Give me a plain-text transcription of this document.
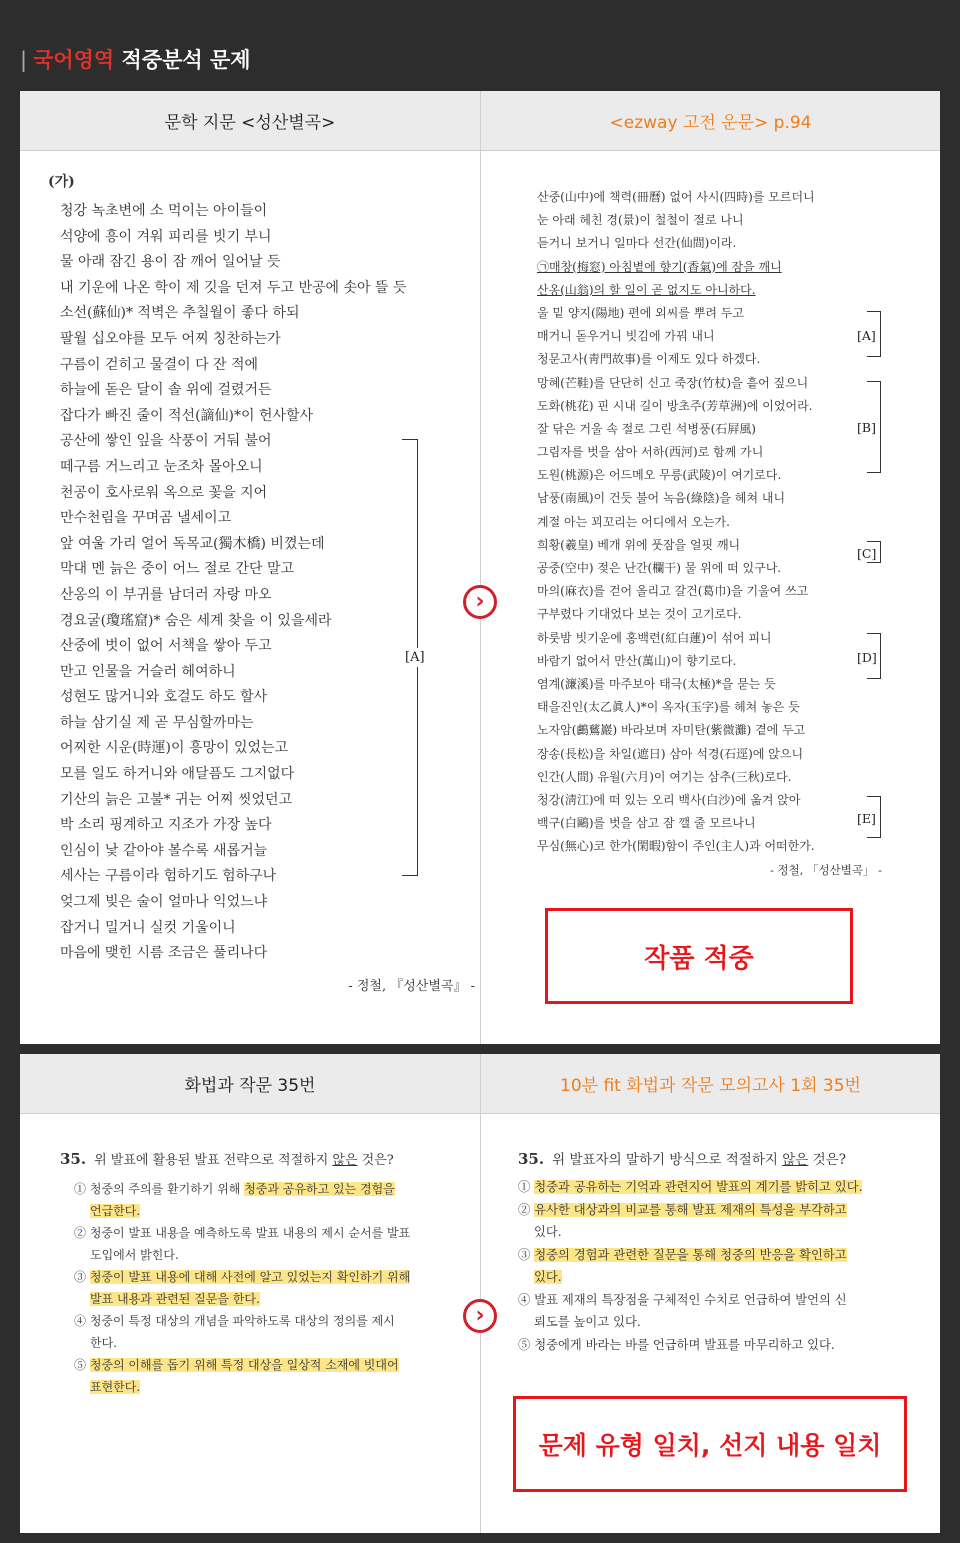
| 국어영역 적중분석 문제
문학 지문 <성산별곡>	<ezway 고전 운문> p.94
(가)
청강 녹초변에 소 먹이는 아이들이
석양에 흥이 겨워 피리를 빗기 부니
물 아래 잠긴 용이 잠 깨어 일어날 듯
내 기운에 나온 학이 제 깃을 던져 두고 반공에 솟아 뜰 듯
소선(蘇仙)* 적벽은 추칠월이 좋다 하되
팔월 십오야를 모두 어찌 칭찬하는가
구름이 걷히고 물결이 다 잔 적에
하늘에 돋은 달이 솔 위에 걸렸거든
잡다가 빠진 줄이 적선(謫仙)*이 헌사할사
공산에 쌓인 잎을 삭풍이 거둬 불어
떼구름 거느리고 눈조차 몰아오니
천공이 호사로워 옥으로 꽃을 지어
만수천림을 꾸며곰 낼세이고
앞 여울 가리 얼어 독목교(獨木橋) 비꼈는데
막대 멘 늙은 중이 어느 절로 간단 말고
산옹의 이 부귀를 남더러 자랑 마오
경요굴(瓊瑤窟)* 숨은 세계 찾을 이 있을세라
산중에 벗이 없어 서책을 쌓아 두고
만고 인물을 거슬러 헤여하니
성현도 많거니와 호걸도 하도 할사
하늘 삼기실 제 곧 무심할까마는
어찌한 시운(時運)이 흥망이 있었는고
모를 일도 하거니와 애달픔도 그지없다
기산의 늙은 고불* 귀는 어찌 씻었던고
박 소리 핑계하고 지조가 가장 높다
인심이 낯 같아야 볼수록 새롭거늘
세사는 구름이라 험하기도 험하구나
엊그제 빚은 술이 얼마나 익었느냐
잡거니 밀거니 실컷 기울이니
마음에 맺힌 시름 조금은 풀리나다
- 정철, 『성산별곡』 -
[A]
›
산중(山中)에 책력(冊曆) 없어 사시(四時)를 모르더니
눈 아래 헤친 경(景)이 철철이 절로 나니
듣거니 보거니 일마다 선간(仙間)이라.
㉠매창(梅窓) 아침볕에 향기(香氣)에 잠을 깨니
산옹(山翁)의 할 일이 곧 없지도 아니하다.
울 밑 양지(陽地) 편에 외씨를 뿌려 두고
매거니 돋우거니 빗김에 가꿔 내니
청문고사(靑門故事)를 이제도 있다 하겠다.
망혜(芒鞋)를 단단히 신고 죽장(竹杖)을 흩어 짚으니
도화(桃花) 핀 시내 길이 방초주(芳草洲)에 이었어라.
잘 닦은 거울 속 절로 그린 석병풍(石屛風)
그림자를 벗을 삼아 서하(西河)로 함께 가니
도원(桃源)은 어드메오 무릉(武陵)이 여기로다.
남풍(南風)이 건듯 불어 녹음(綠陰)을 헤쳐 내니
계절 아는 꾀꼬리는 어디에서 오는가.
희황(羲皇) 베개 위에 풋잠을 얼핏 깨니
공중(空中) 젖은 난간(欄干) 물 위에 떠 있구나.
마의(麻衣)를 걷어 올리고 갈건(葛巾)을 기울여 쓰고
구부렸다 기대었다 보는 것이 고기로다.
하룻밤 빗기운에 홍백련(紅白蓮)이 섞어 피니
바람기 없어서 만산(萬山)이 향기로다.
염계(濂溪)를 마주보아 태극(太極)*을 묻는 듯
태을진인(太乙眞人)*이 옥자(玉字)를 헤쳐 놓은 듯
노자암(鸕鶿巖) 바라보며 자미탄(紫微灘) 곁에 두고
장송(長松)을 차일(遮日) 삼아 석경(石逕)에 앉으니
인간(人間) 유월(六月)이 여기는 삼추(三秋)로다.
청강(淸江)에 떠 있는 오리 백사(白沙)에 옮겨 앉아
백구(白鷗)를 벗을 삼고 잠 깰 줄 모르나니
무심(無心)코 한가(閑暇)함이 주인(主人)과 어떠한가.
- 정철, 「성산별곡」 -
[A]
[B]
[C]
[D]
[E]
작품 적중
화법과 작문 35번	10분 fit 화법과 작문 모의고사 1회 35번
35. 위 발표에 활용된 발표 전략으로 적절하지 않은 것은?
① 청중의 주의를 환기하기 위해 청중과 공유하고 있는 경험을
언급한다.
② 청중이 발표 내용을 예측하도록 발표 내용의 제시 순서를 발표
도입에서 밝힌다.
③ 청중이 발표 내용에 대해 사전에 알고 있었는지 확인하기 위해
발표 내용과 관련된 질문을 한다.
④ 청중이 특정 대상의 개념을 파악하도록 대상의 정의를 제시
한다.
⑤ 청중의 이해를 돕기 위해 특정 대상을 일상적 소재에 빗대어
표현한다.
›
35. 위 발표자의 말하기 방식으로 적절하지 않은 것은?
① 청중과 공유하는 기억과 관련지어 발표의 계기를 밝히고 있다.
② 유사한 대상과의 비교를 통해 발표 제재의 특성을 부각하고
있다.
③ 청중의 경험과 관련한 질문을 통해 청중의 반응을 확인하고
있다.
④ 발표 제재의 특장점을 구체적인 수치로 언급하여 발언의 신
뢰도를 높이고 있다.
⑤ 청중에게 바라는 바를 언급하며 발표를 마무리하고 있다.
문제 유형 일치, 선지 내용 일치
